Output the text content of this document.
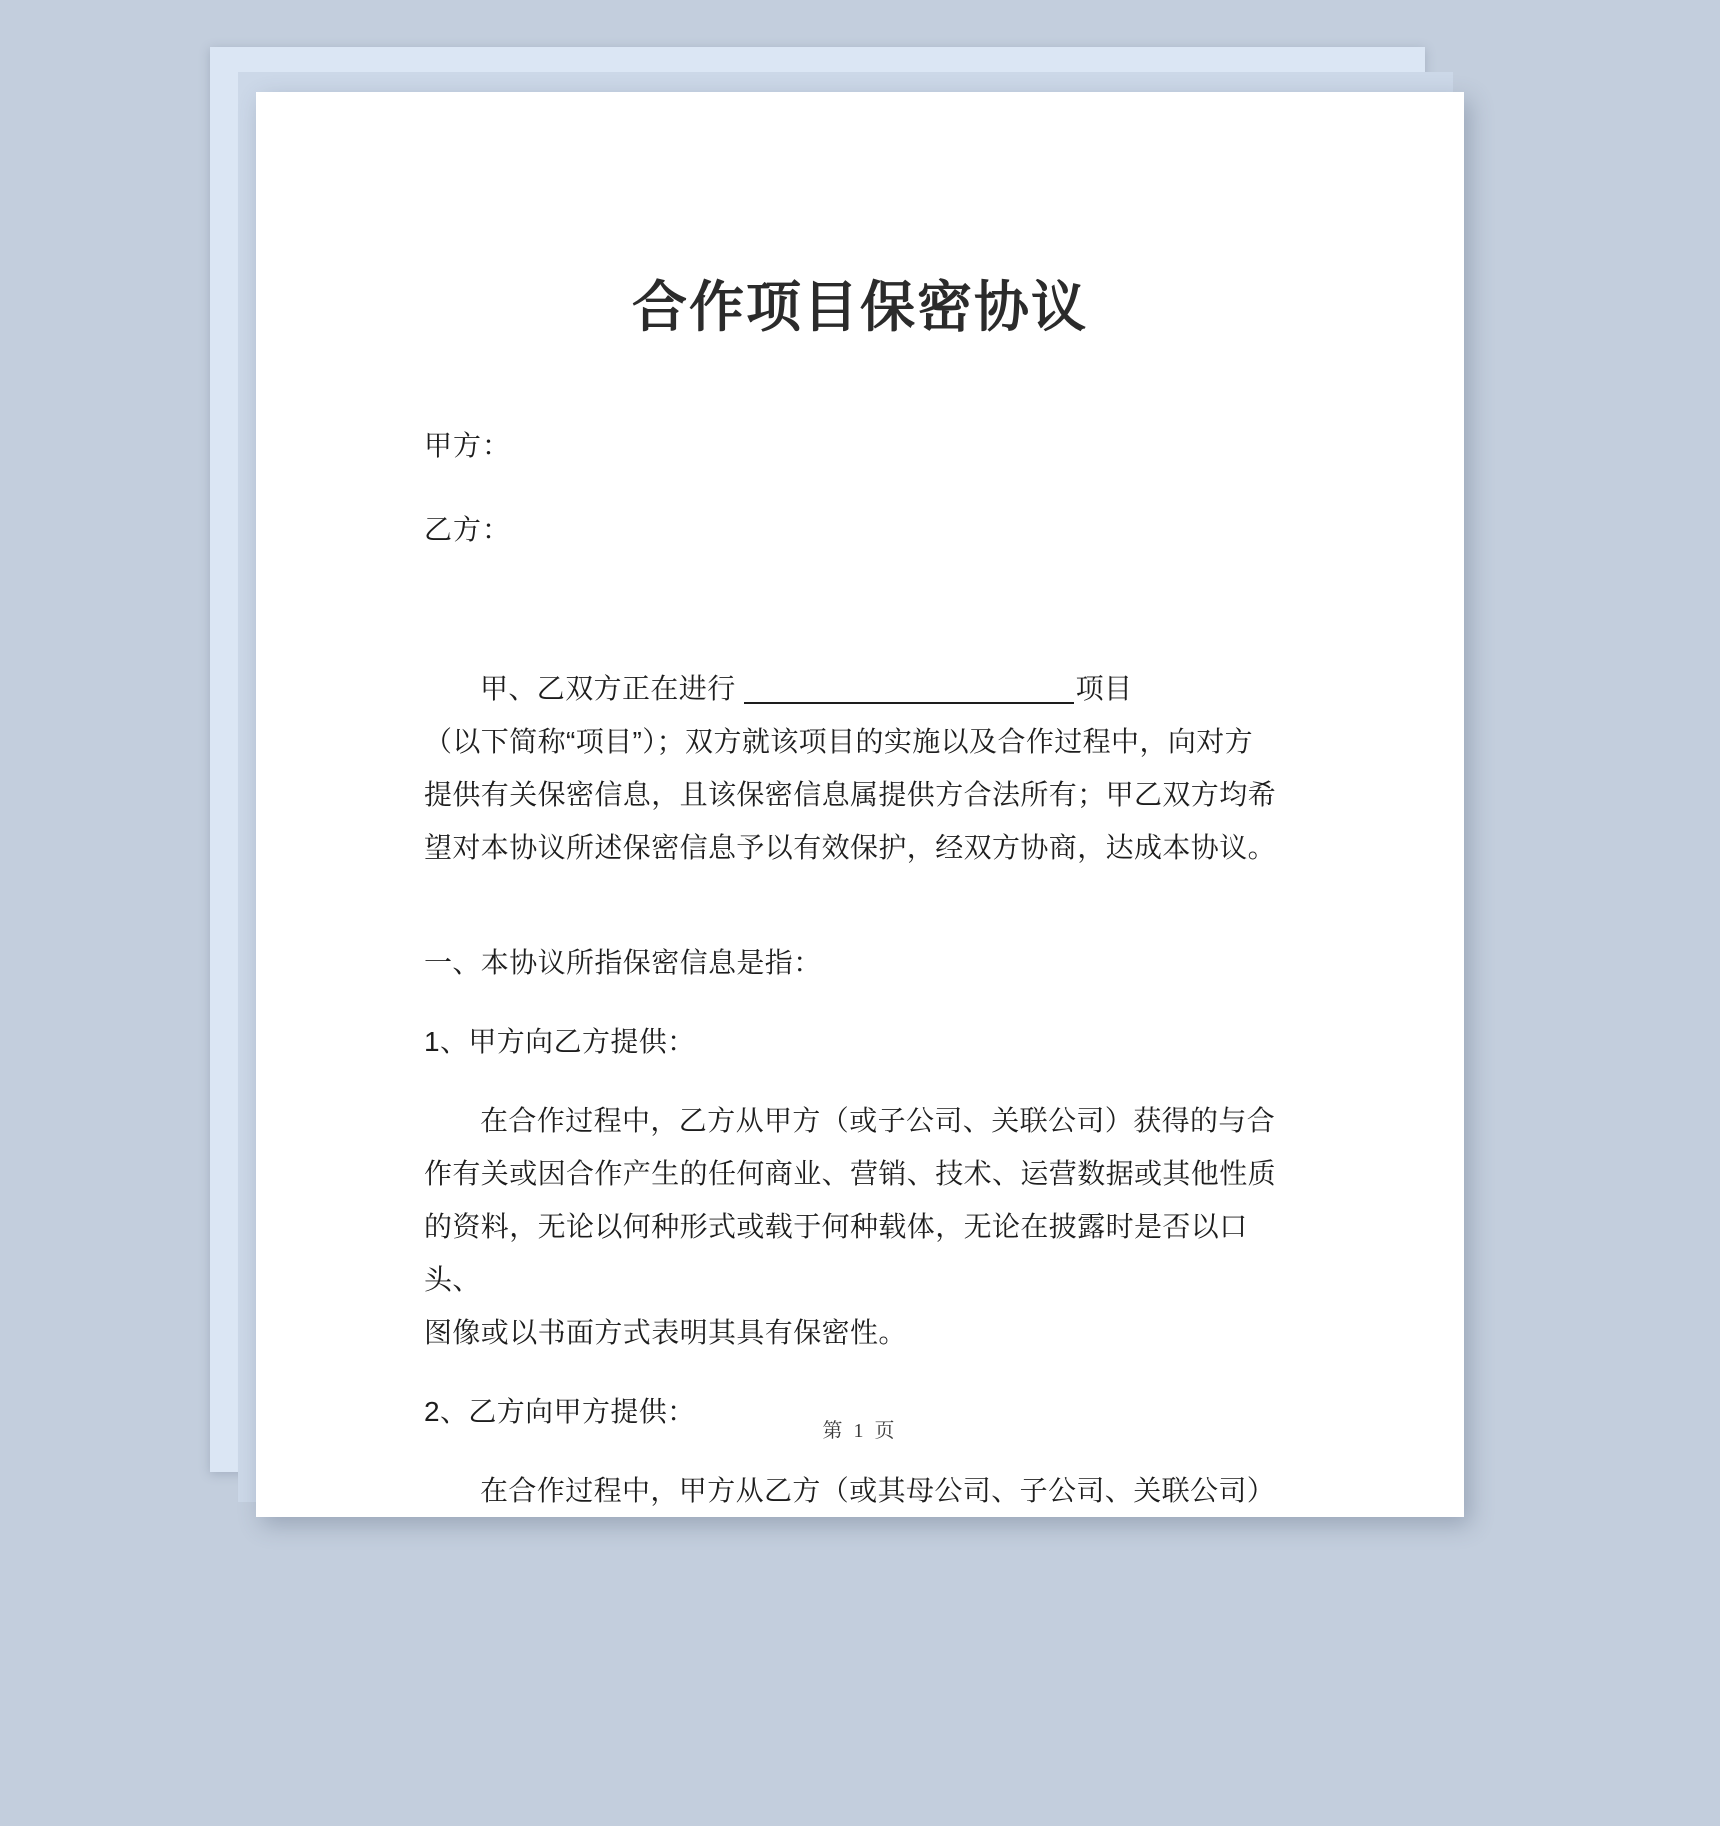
合作项目保密协议
甲方：
乙方：
甲、乙双方正在进行	项目
（以下简称“项目”）；双方就该项目的实施以及合作过程中，向对方
提供有关保密信息，且该保密信息属提供方合法所有；甲乙双方均希
望对本协议所述保密信息予以有效保护，经双方协商，达成本协议。
一、本协议所指保密信息是指：
1、甲方向乙方提供：
在合作过程中，乙方从甲方（或子公司、关联公司）获得的与合
作有关或因合作产生的任何商业、营销、技术、运营数据或其他性质
的资料，无论以何种形式或载于何种载体，无论在披露时是否以口头、
图像或以书面方式表明其具有保密性。
2、乙方向甲方提供：
在合作过程中，甲方从乙方（或其母公司、子公司、关联公司）
第 1 页
